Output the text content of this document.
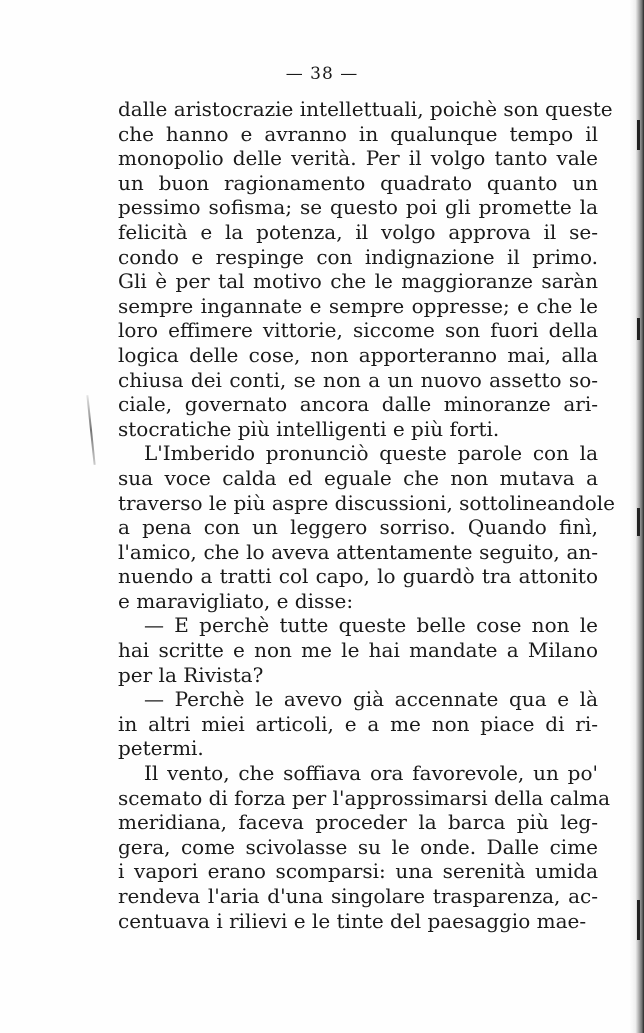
— 38 —
dalle aristocrazie intellettuali, poichè son queste
che hanno e avranno in qualunque tempo il
monopolio delle verità. Per il volgo tanto vale
un buon ragionamento quadrato quanto un
pessimo sofisma; se questo poi gli promette la
felicità e la potenza, il volgo approva il se-
condo e respinge con indignazione il primo.
Gli è per tal motivo che le maggioranze saràn
sempre ingannate e sempre oppresse; e che le
loro effimere vittorie, siccome son fuori della
logica delle cose, non apporteranno mai, alla
chiusa dei conti, se non a un nuovo assetto so-
ciale, governato ancora dalle minoranze ari-
stocratiche più intelligenti e più forti.
L'Imberido pronunciò queste parole con la
sua voce calda ed eguale che non mutava a
traverso le più aspre discussioni, sottolineandole
a pena con un leggero sorriso. Quando finì,
l'amico, che lo aveva attentamente seguito, an-
nuendo a tratti col capo, lo guardò tra attonito
e maravigliato, e disse:
— E perchè tutte queste belle cose non le
hai scritte e non me le hai mandate a Milano
per la Rivista?
— Perchè le avevo già accennate qua e là
in altri miei articoli, e a me non piace di ri-
petermi.
Il vento, che soffiava ora favorevole, un po'
scemato di forza per l'approssimarsi della calma
meridiana, faceva proceder la barca più leg-
gera, come scivolasse su le onde. Dalle cime
i vapori erano scomparsi: una serenità umida
rendeva l'aria d'una singolare trasparenza, ac-
centuava i rilievi e le tinte del paesaggio mae-
